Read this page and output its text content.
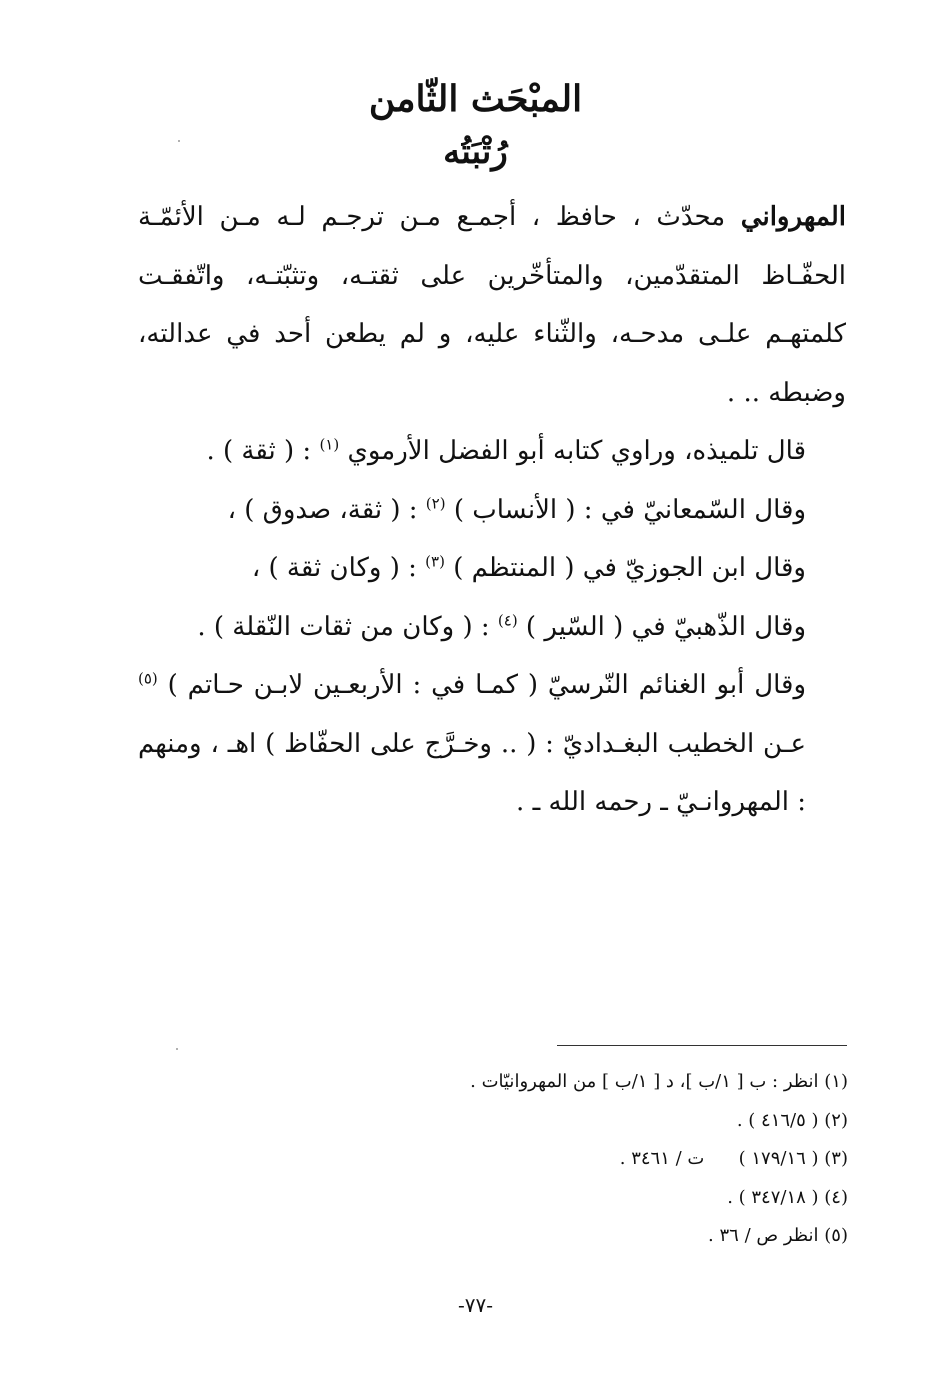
المبْحَث الثّامن
رُتْبَتُه

المهرواني محدّث ، حافظ ، أجمـع مـن ترجـم لـه مـن الأئمّـة الحفّـاظ المتقدّمين، والمتأخّرين على ثقتـه، وتثبّتـه، واتّفقـت كلمتهـم علـى مدحـه، والثّناء عليه، و لم يطعن أحد في عدالته، وضبطه .. .

قال تلميذه، وراوي كتابه أبو الفضل الأرموي $^{(١)}$ : ( ثقة ) .

وقال السّمعانيّ في : ( الأنساب ) $^{(٢)}$ : ( ثقة، صدوق ) ،

وقال ابن الجوزيّ في ( المنتظم ) $^{(٣)}$ : ( وكان ثقة ) ،

وقال الذّهبيّ في ( السّير ) $^{(٤)}$ : ( وكان من ثقات النّقلة ) .

وقال أبو الغنائم النّرسيّ ( كمـا في : الأربعـين لابـن حـاتم ) $^{(٥)}$ عـن الخطيب البغـداديّ : ( .. وخـرَّج على الحفّاظ ) اهـ ، ومنهم : المهروانـيّ ـ رحمه الله ـ .

(١) انظر : ب [ ١/ب ]، د [ ١/ب ] من المهروانيّات .

(٢) ( ٤١٦/٥ ) .

(٣) ( ١٧٩/١٦ )      ت / ٣٤٦١ .

(٤) ( ٣٤٧/١٨ ) .

(٥) انظر ص / ٣٦ .

-٧٧-
